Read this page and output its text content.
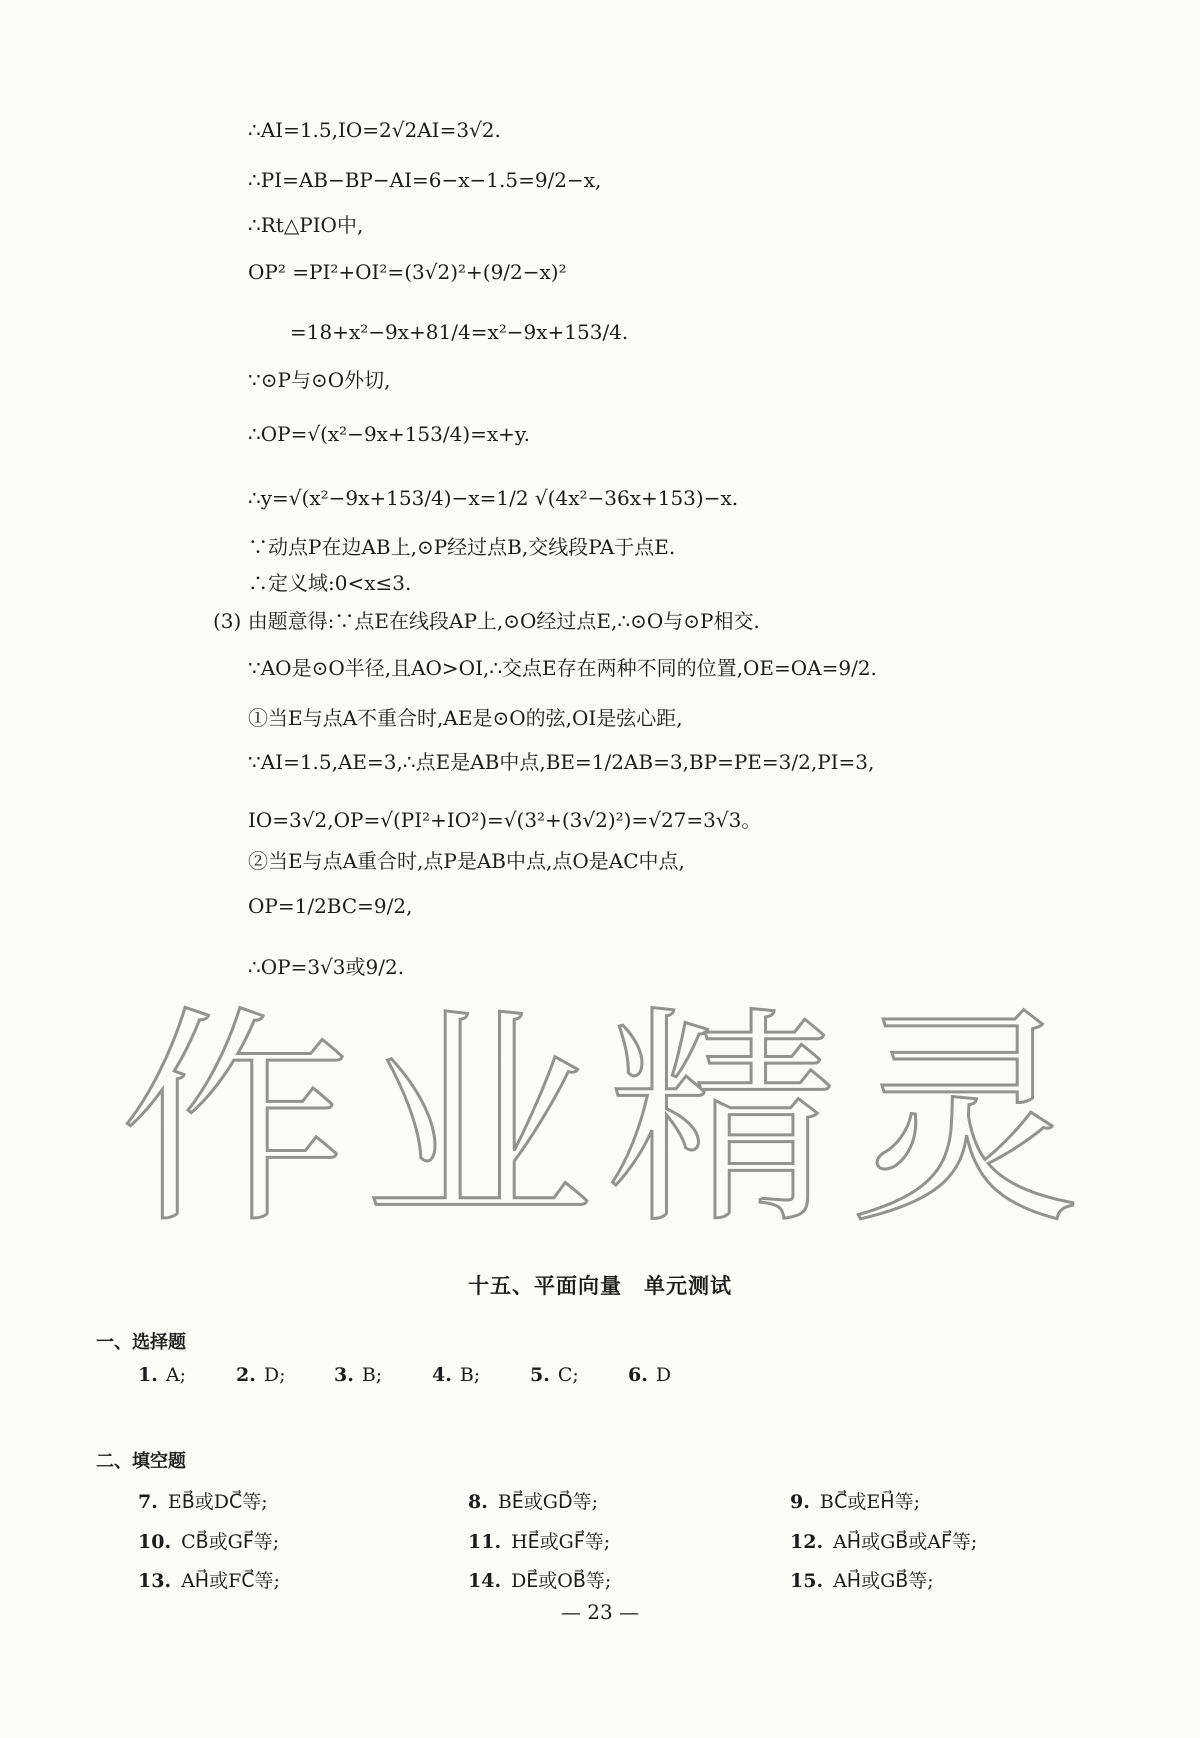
∴AI=1.5,IO=2√2AI=3√2.
∴PI=AB−BP−AI=6−x−1.5=9/2−x,
∴Rt△PIO中,
OP² =PI²+OI²=(3√2)²+(9/2−x)²
=18+x²−9x+81/4=x²−9x+153/4.
∵⊙P与⊙O外切,
∴OP=√(x²−9x+153/4)=x+y.
∴y=√(x²−9x+153/4)−x=1/2 √(4x²−36x+153)−x.
∵动点P在边AB上,⊙P经过点B,交线段PA于点E.
∴定义域:0<x≤3.
(3) 由题意得:∵点E在线段AP上,⊙O经过点E,∴⊙O与⊙P相交.
∵AO是⊙O半径,且AO>OI,∴交点E存在两种不同的位置,OE=OA=9/2.
①当E与点A不重合时,AE是⊙O的弦,OI是弦心距,
∵AI=1.5,AE=3,∴点E是AB中点,BE=1/2AB=3,BP=PE=3/2,PI=3,
IO=3√2,OP=√(PI²+IO²)=√(3²+(3√2)²)=√27=3√3。
②当E与点A重合时,点P是AB中点,点O是AC中点,
OP=1/2BC=9/2,
∴OP=3√3或9/2.
作 业 精 灵
十五、平面向量　单元测试
一、选择题
1. A;	2. D;	3. B;	4. B;	5. C;	6. D
二、填空题
7. EB⃗或DC⃗等;	8. BE⃗或GD⃗等;	9. BC⃗或EH⃗等;
10. CB⃗或GF⃗等;	11. HE⃗或GF⃗等;	12. AH⃗或GB⃗或AF⃗等;
13. AH⃗或FC⃗等;	14. DE⃗或OB⃗等;	15. AH⃗或GB⃗等;
— 23 —
